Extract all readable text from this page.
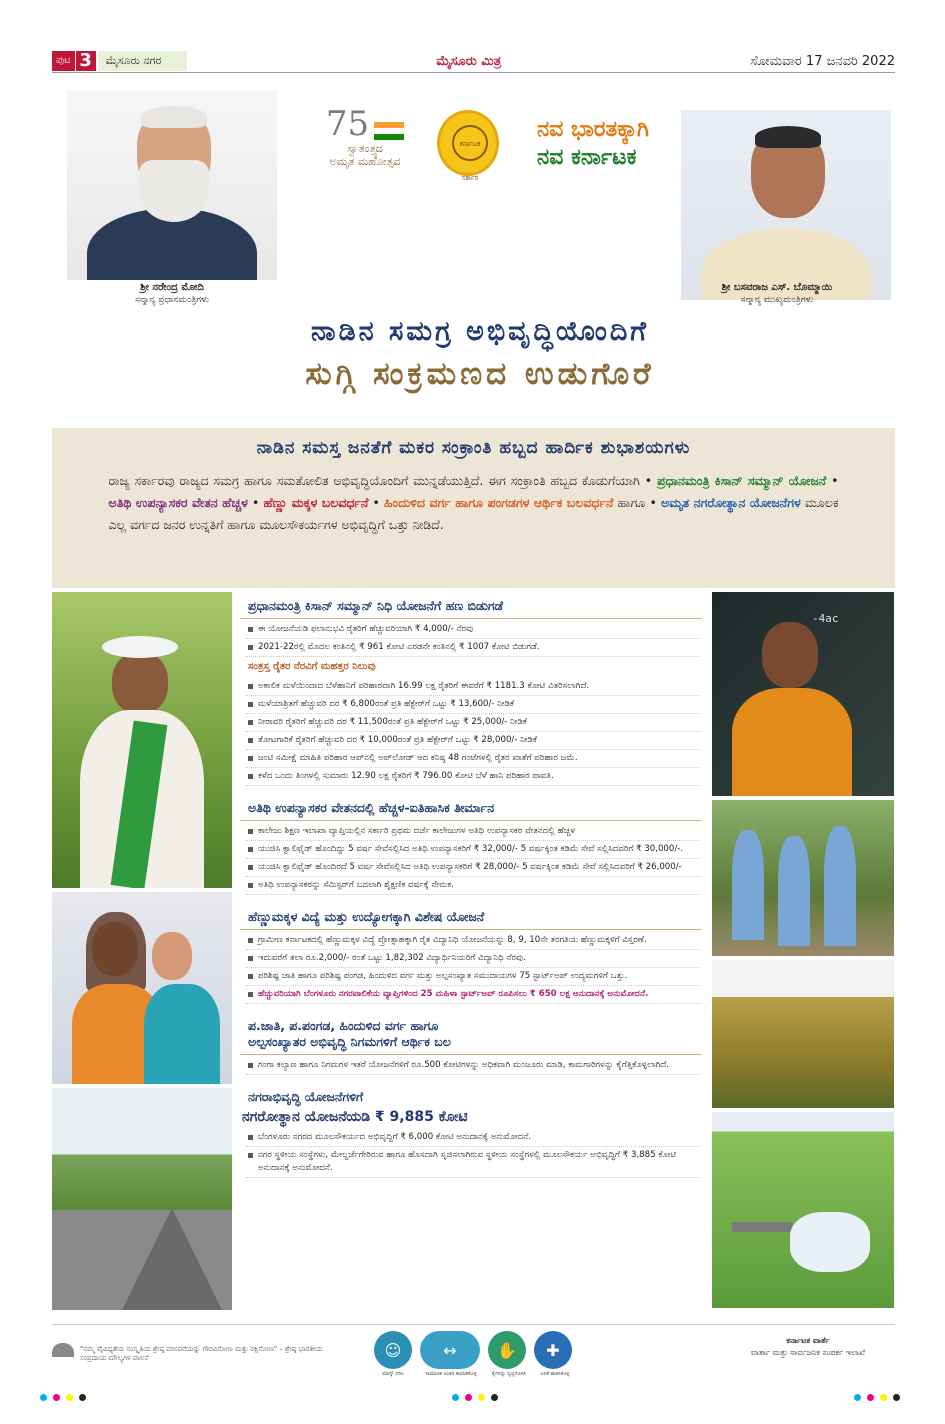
ಪುಟ 3	ಮೈಸೂರು ನಗರ	ಮೈಸೂರು ಮಿತ್ರ	ಸೋಮವಾರ 17 ಜನವರಿ 2022
ಶ್ರೀ ನರೇಂದ್ರ ಮೋದಿ
ಸನ್ಮಾನ್ಯ ಪ್ರಧಾನಮಂತ್ರಿಗಳು
75
ಸ್ವಾತಂತ್ರ್ಯದ
ಅಮೃತ ಮಹೋತ್ಸವ
ಕರ್ನಾಟಕ ಸರ್ಕಾರ
ನವ ಭಾರತಕ್ಕಾಗಿ
ನವ ಕರ್ನಾಟಕ
ಶ್ರೀ ಬಸವರಾಜ ಎಸ್. ಬೊಮ್ಮಾಯಿ
ಸನ್ಮಾನ್ಯ ಮುಖ್ಯಮಂತ್ರಿಗಳು
ನಾಡಿನ ಸಮಗ್ರ ಅಭಿವೃದ್ಧಿಯೊಂದಿಗೆ
ಸುಗ್ಗಿ ಸಂಕ್ರಮಣದ ಉಡುಗೊರೆ
ನಾಡಿನ ಸಮಸ್ತ ಜನತೆಗೆ ಮಕರ ಸಂಕ್ರಾಂತಿ ಹಬ್ಬದ ಹಾರ್ದಿಕ ಶುಭಾಶಯಗಳು
ರಾಜ್ಯ ಸರ್ಕಾರವು ರಾಜ್ಯದ ಸಮಗ್ರ ಹಾಗೂ ಸಮತೋಲಿತ ಅಭಿವೃದ್ಧಿಯೊಂದಿಗೆ ಮುನ್ನಡೆಯುತ್ತಿದೆ. ಈಗ ಸಂಕ್ರಾಂತಿ ಹಬ್ಬದ ಕೊಡುಗೆಯಾಗಿ • ಪ್ರಧಾನಮಂತ್ರಿ ಕಿಸಾನ್ ಸಮ್ಮಾನ್ ಯೋಜನೆ • ಅತಿಥಿ ಉಪನ್ಯಾಸಕರ ವೇತನ ಹೆಚ್ಚಳ • ಹೆಣ್ಣು ಮಕ್ಕಳ ಬಲವರ್ಧನೆ • ಹಿಂದುಳಿದ ವರ್ಗ ಹಾಗೂ ಪಂಗಡಗಳ ಆರ್ಥಿಕ ಬಲವರ್ಧನೆ ಹಾಗೂ • ಅಮೃತ ನಗರೋತ್ಥಾನ ಯೋಜನೆಗಳ ಮೂಲಕ ಎಲ್ಲ ವರ್ಗದ ಜನರ ಉನ್ನತಿಗೆ ಹಾಗೂ ಮೂಲಸೌಕರ್ಯಗಳ ಅಭಿವೃದ್ಧಿಗೆ ಒತ್ತು ನೀಡಿದೆ.
-4ac
ಪ್ರಧಾನಮಂತ್ರಿ ಕಿಸಾನ್ ಸಮ್ಮಾನ್ ನಿಧಿ ಯೋಜನೆಗೆ ಹಣ ಬಿಡುಗಡೆ
ಈ ಯೋಜನೆಯಡಿ ಫಲಾನುಭವಿ ರೈತರಿಗೆ ಹೆಚ್ಚುವರಿಯಾಗಿ ₹ 4,000/- ನೆರವು
2021-22ರಲ್ಲಿ ಮೊದಲ ಕಂತಿನಲ್ಲಿ ₹ 961 ಕೋಟಿ ಎರಡನೇ ಕಂತಿನಲ್ಲಿ ₹ 1007 ಕೋಟಿ ಬಿಡುಗಡೆ.
ಸಂತ್ರಸ್ತ ರೈತರ ನೆರವಿಗೆ ಮಹತ್ತರ ನಿಲುವು
ಅಕಾಲಿಕ ಮಳೆಯಿಂದಾದ ಬೆಳೆಹಾನಿಗೆ ಪರಿಹಾರವಾಗಿ 16.99 ಲಕ್ಷ ರೈತರಿಗೆ ಈವರೆಗೆ ₹ 1181.3 ಕೋಟಿ ವಿತರಿಸಲಾಗಿದೆ.
ಮಳೆಯಾಶ್ರಿತಗೆ ಹೆಚ್ಚುವರಿ ದರ ₹ 6,800ರಂತೆ ಪ್ರತಿ ಹೆಕ್ಟೇರ್‌ಗೆ ಒಟ್ಟು ₹ 13,600/- ನೀಡಿಕೆ
ನೀರಾವರಿ ರೈತರಿಗೆ ಹೆಚ್ಚುವರಿ ದರ ₹ 11,500ರಂತೆ ಪ್ರತಿ ಹೆಕ್ಟೇರ್‌ಗೆ ಒಟ್ಟು ₹ 25,000/- ನೀಡಿಕೆ
ತೋಟಗಾರಿಕೆ ರೈತರಿಗೆ ಹೆಚ್ಚುವರಿ ದರ ₹ 10,000ರಂತೆ ಪ್ರತಿ ಹೆಕ್ಟೇರ್‌ಗೆ ಒಟ್ಟು ₹ 28,000/- ನೀಡಿಕೆ
ಜಂಟಿ ಸಮೀಕ್ಷೆ ಮಾಹಿತಿ ಪರಿಹಾರ ಆಪ್‌ನಲ್ಲಿ ಅಪ್‌ಲೋಡ್ ಆದ ಕನಿಷ್ಠ 48 ಗಂಟೆಗಳಲ್ಲಿ ರೈತರ ಖಾತೆಗೆ ಪರಿಹಾರ ಜಮೆ.
ಕಳೆದ ಒಂದು ತಿಂಗಳಲ್ಲಿ ಸುಮಾರು 12.90 ಲಕ್ಷ ರೈತರಿಗೆ ₹ 796.00 ಕೋಟಿ ಬೆಳೆ ಹಾನಿ ಪರಿಹಾರ ಪಾವತಿ.
ಅತಿಥಿ ಉಪನ್ಯಾಸಕರ ವೇತನದಲ್ಲಿ ಹೆಚ್ಚಳ-ಐತಿಹಾಸಿಕ ತೀರ್ಮಾನ
ಕಾಲೇಜು ಶಿಕ್ಷಣ ಇಲಾಖಾ ವ್ಯಾಪ್ತಿಯಲ್ಲಿನ ಸರ್ಕಾರಿ ಪ್ರಥಮ ದರ್ಜೆ ಕಾಲೇಜುಗಳ ಅತಿಥಿ ಉಪನ್ಯಾಸಕರ ವೇತನದಲ್ಲಿ ಹೆಚ್ಚಳ
ಯುಜಿಸಿ ಕ್ವಾಲಿಫೈಡ್ ಹೊಂದಿದ್ದು 5 ವರ್ಷ ಸೇವೆಸಲ್ಲಿಸಿದ ಅತಿಥಿ ಉಪನ್ಯಾಸಕರಿಗೆ ₹ 32,000/- 5 ವರ್ಷಕ್ಕಿಂತ ಕಡಿಮೆ ಸೇವೆ ಸಲ್ಲಿಸಿದವರಿಗೆ ₹ 30,000/-.
ಯುಜಿಸಿ ಕ್ವಾಲಿಫೈಡ್ ಹೊಂದಿರದೆ 5 ವರ್ಷ ಸೇವೆಸಲ್ಲಿಸಿದ ಅತಿಥಿ ಉಪನ್ಯಾಸಕರಿಗೆ ₹ 28,000/- 5 ವರ್ಷಕ್ಕಿಂತ ಕಡಿಮೆ ಸೇವೆ ಸಲ್ಲಿಸಿದವರಿಗೆ ₹ 26,000/-
ಅತಿಥಿ ಉಪನ್ಯಾಸಕರನ್ನು ಸೆಮಿಸ್ಟರ್‌ಗೆ ಬದಲಾಗಿ ಶೈಕ್ಷಣಿಕ ವರ್ಷಕ್ಕೆ ನೇಮಕ.
ಹೆಣ್ಣುಮಕ್ಕಳ ವಿದ್ಯೆ ಮತ್ತು ಉದ್ಯೋಗಕ್ಕಾಗಿ ವಿಶೇಷ ಯೋಜನೆ
ಗ್ರಾಮೀಣ ಕರ್ನಾಟಕದಲ್ಲಿ ಹೆಣ್ಣುಮಕ್ಕಳ ವಿದ್ಯೆ ಪ್ರೋತ್ಸಾಹಕ್ಕಾಗಿ ರೈತ ವಿದ್ಯಾನಿಧಿ ಯೋಜನೆಯನ್ನು 8, 9, 10ನೇ ತರಗತಿಯ ಹೆಣ್ಣುಮಕ್ಕಳಿಗೆ ವಿಸ್ತರಣೆ.
ಇದುವರೆಗೆ ತಲಾ ರೂ.2,000/- ರಂತೆ ಒಟ್ಟು 1,82,302 ವಿದ್ಯಾರ್ಥಿನಿಯರಿಗೆ ವಿದ್ಯಾನಿಧಿ ನೆರವು.
ಪರಿಶಿಷ್ಟ ಜಾತಿ ಹಾಗೂ ಪರಿಶಿಷ್ಟ ಪಂಗಡ, ಹಿಂದುಳಿದ ವರ್ಗ ಮತ್ತು ಅಲ್ಪಸಂಖ್ಯಾತ ಸಮುದಾಯಗಳ 75 ಸ್ಟಾರ್ಟ್‌ಅಪ್ ಉದ್ಯಮಗಳಿಗೆ ಒತ್ತು.
ಹೆಚ್ಚುವರಿಯಾಗಿ ಬೆಂಗಳೂರು ನಗರಪಾಲಿಕೆಯ ವ್ಯಾಪ್ತಿಗಳಿಂದ 25 ಮಹಿಳಾ ಸ್ಟಾರ್ಟ್‌ಅಪ್ ರೂಪಿಸಲು ₹ 650 ಲಕ್ಷ ಅನುದಾನಕ್ಕೆ ಅನುಮೋದನೆ.
ಪ.ಜಾತಿ, ಪ.ಪಂಗಡ, ಹಿಂದುಳಿದ ವರ್ಗ ಹಾಗೂ
ಅಲ್ಪಸಂಖ್ಯಾತರ ಅಭಿವೃದ್ಧಿ ನಿಗಮಗಳಿಗೆ ಆರ್ಥಿಕ ಬಲ
ಗಂಗಾ ಕಲ್ಯಾಣ ಹಾಗೂ ನಿಗಮಗಳ ಇತರೆ ಯೋಜನೆಗಳಿಗೆ ರೂ.500 ಕೋಟಿಗಳನ್ನು ಅಧಿಕವಾಗಿ ಮಂಜೂರು ಮಾಡಿ, ಕಾಮಗಾರಿಗಳನ್ನು ಕೈಗೆತ್ತಿಕೊಳ್ಳಲಾಗಿದೆ.
ನಗರಾಭಿವೃದ್ಧಿ ಯೋಜನೆಗಳಿಗೆ
ನಗರೋತ್ಥಾನ ಯೋಜನೆಯಡಿ ₹ 9,885 ಕೋಟಿ
ಬೆಂಗಳೂರು ನಗರದ ಮೂಲಸೌಕರ್ಯದ ಅಭಿವೃದ್ಧಿಗೆ ₹ 6,000 ಕೋಟಿ ಅನುದಾನಕ್ಕೆ ಅನುಮೋದನೆ.
ನಗರ ಸ್ಥಳೀಯ ಸಂಸ್ಥೆಗಳು, ಮೇಲ್ದರ್ಜೆಗೇರಿರುವ ಹಾಗೂ ಹೊಸದಾಗಿ ಸೃಜಿಸಲಾಗಿರುವ ಸ್ಥಳೀಯ ಸಂಸ್ಥೆಗಳಲ್ಲಿ ಮೂಲಸೌಕರ್ಯ ಅಭಿವೃದ್ಧಿಗೆ ₹ 3,885 ಕೋಟಿ ಅನುದಾನಕ್ಕೆ ಅನುಮೋದನೆ.
"ನಮ್ಮ ವೈವಿಧ್ಯತೆಯ ಸಂಸ್ಕೃತಿಯ ಶ್ರೇಷ್ಠ ಪರಂಪರೆಯನ್ನು ಗೌರವಿಸೋಣ ಮತ್ತು ರಕ್ಷಿಸೋಣ" – ಶ್ರೇಷ್ಠ ಭಾರತೀಯ ಸಂಪ್ರದಾಯ ಮೌಲ್ಯಗಳ ಪಾಲನೆ	☺	↔	✋	✚
ಮಾಸ್ಕ್ ಧರಿಸಿ	ಸಾಮಾಜಿಕ ಅಂತರ ಕಾಪಾಡಿಕೊಳ್ಳಿ	ಕೈಗಳನ್ನು ಸ್ವಚ್ಛಗೊಳಿಸಿ	ಲಸಿಕೆ ಹಾಕಿಸಿಕೊಳ್ಳಿ
ಕರ್ನಾಟಕ ವಾರ್ತೆ
ವಾರ್ತಾ ಮತ್ತು ಸಾರ್ವಜನಿಕ ಸಂಪರ್ಕ ಇಲಾಖೆ
